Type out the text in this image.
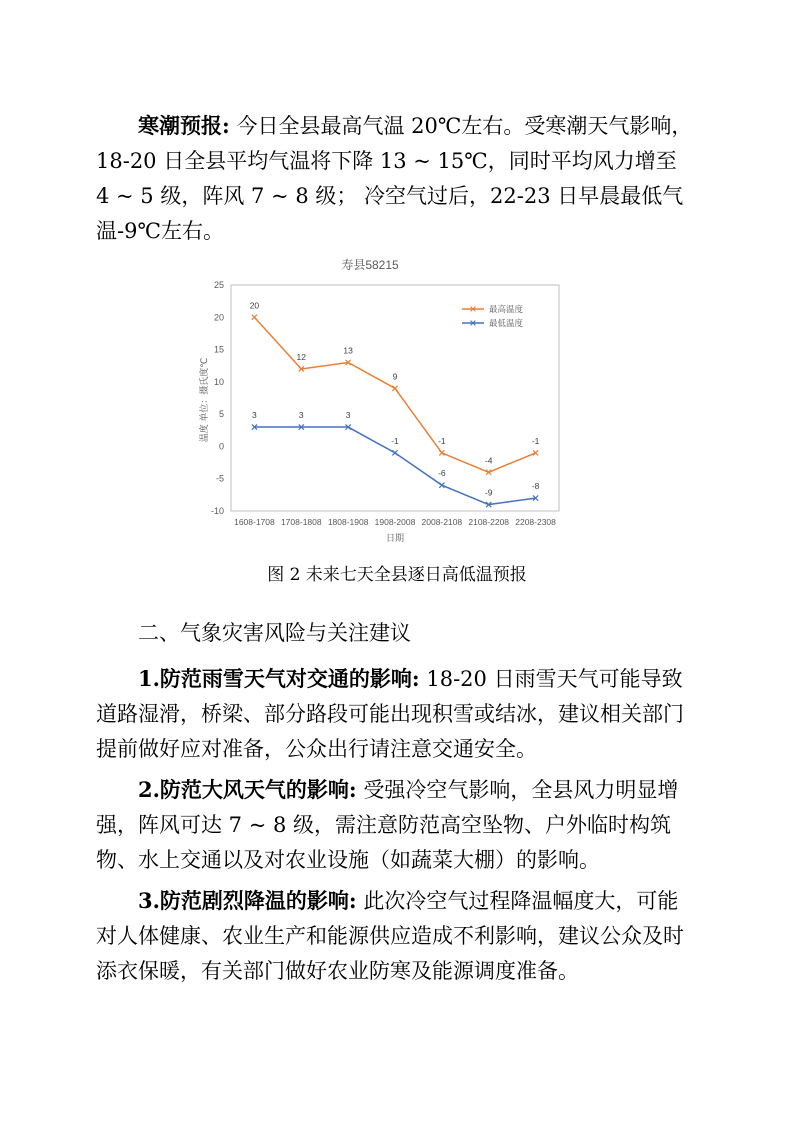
寒潮预报: 今日全县最高气温 20℃左右。受寒潮天气影响，18-20 日全县平均气温将下降 13 ~ 15℃，同时平均风力增至 4 ~ 5 级，阵风 7 ~ 8 级； 冷空气过后，22-23 日早晨最低气温-9℃左右。

寿县58215
-10
-5
0
5
10
15
20
25
1608-1708 1708-1808 1808-1908 1908-2008 2008-2108 2108-2208 2208-2308
温度 单位：摄氏度℃
日期
20
12
13
9
-1
-4
-1
3	3	3
-1
-6
-9
-8
最高温度
最低温度
图 2 未来七天全县逐日高低温预报
二、气象灾害风险与关注建议

1.防范雨雪天气对交通的影响: 18-20 日雨雪天气可能导致道路湿滑，桥梁、部分路段可能出现积雪或结冰，建议相关部门提前做好应对准备，公众出行请注意交通安全。

2.防范大风天气的影响: 受强冷空气影响，全县风力明显增强，阵风可达 7 ~ 8 级，需注意防范高空坠物、户外临时构筑物、水上交通以及对农业设施（如蔬菜大棚）的影响。

3.防范剧烈降温的影响: 此次冷空气过程降温幅度大，可能对人体健康、农业生产和能源供应造成不利影响，建议公众及时添衣保暖，有关部门做好农业防寒及能源调度准备。
